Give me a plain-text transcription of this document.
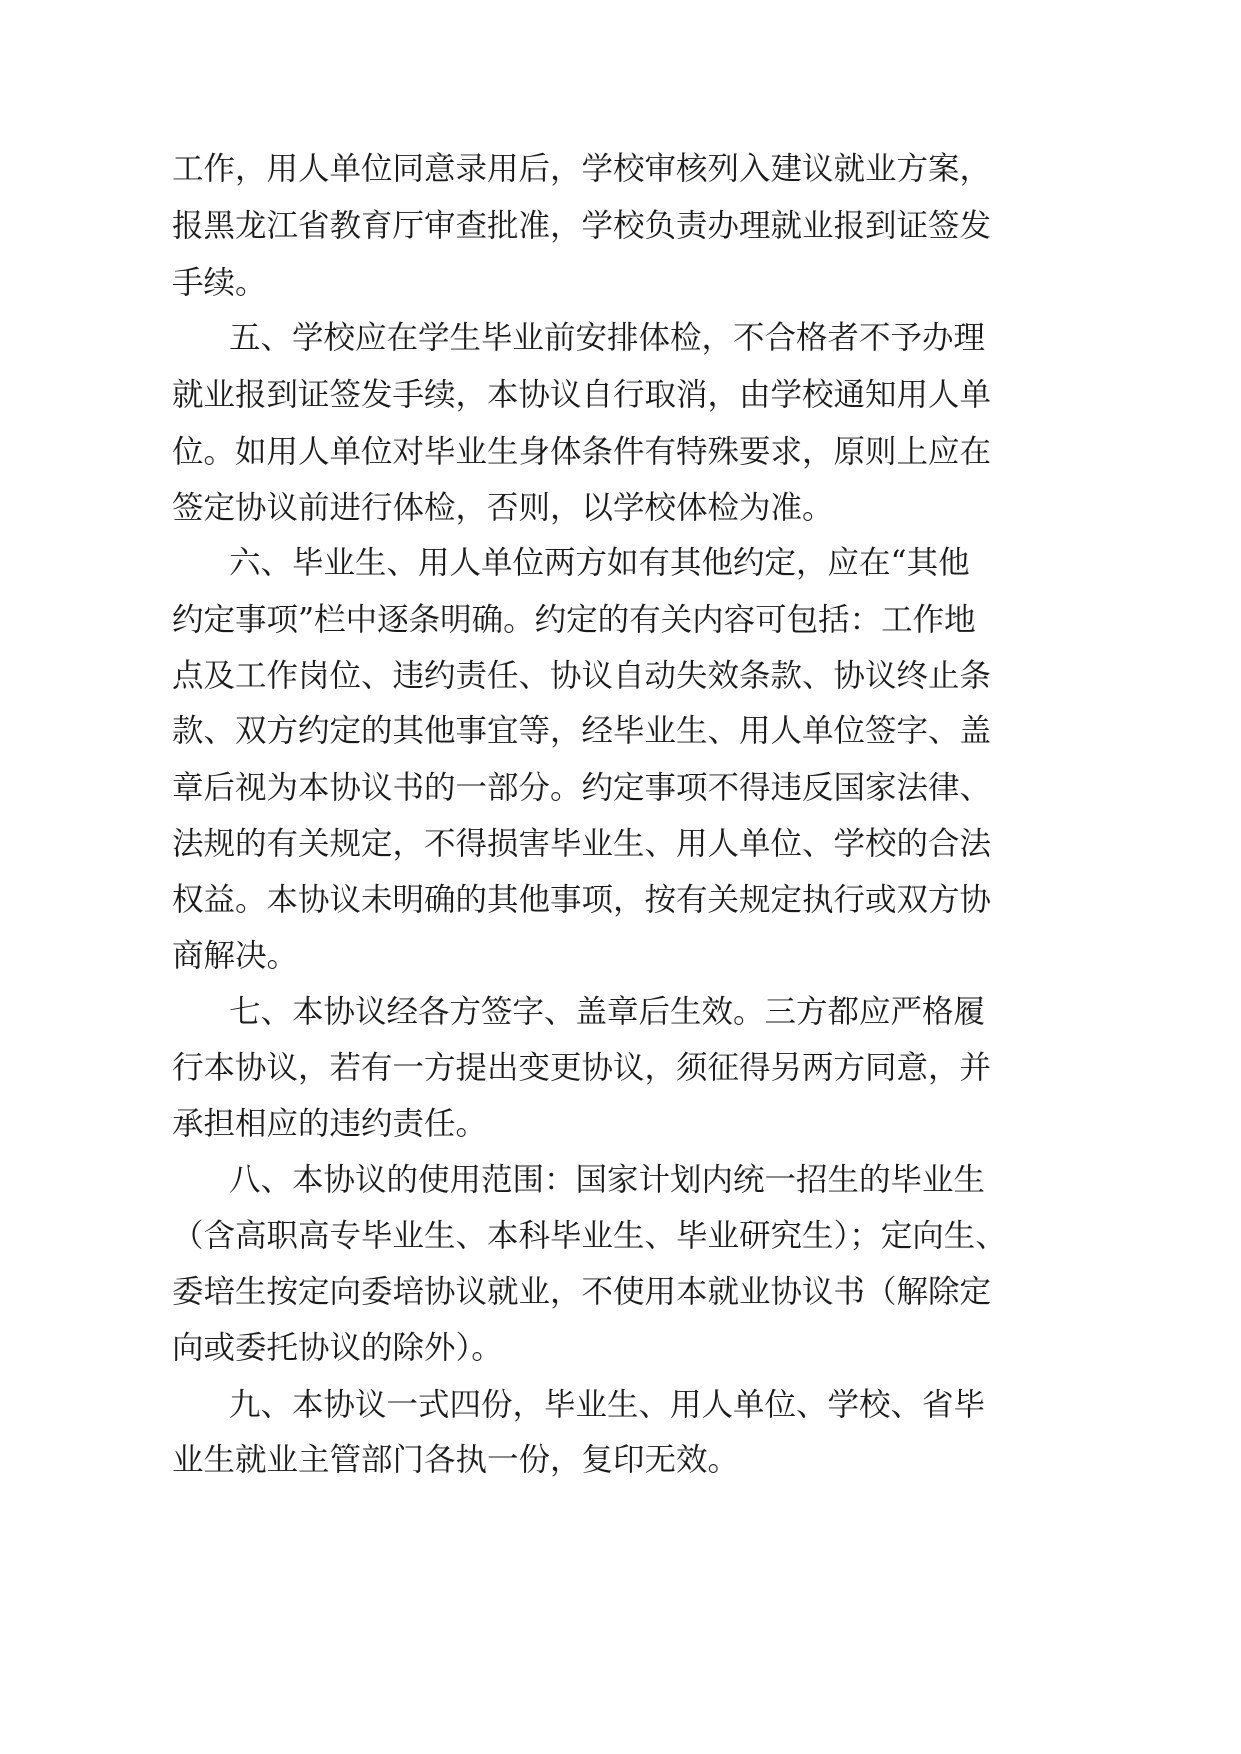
工作，用人单位同意录用后，学校审核列入建议就业方案，
报黑龙江省教育厅审查批准，学校负责办理就业报到证签发
手续。
五、学校应在学生毕业前安排体检，不合格者不予办理
就业报到证签发手续，本协议自行取消，由学校通知用人单
位。如用人单位对毕业生身体条件有特殊要求，原则上应在
签定协议前进行体检，否则，以学校体检为准。
六、毕业生、用人单位两方如有其他约定，应在“其他
约定事项”栏中逐条明确。约定的有关内容可包括：工作地
点及工作岗位、违约责任、协议自动失效条款、协议终止条
款、双方约定的其他事宜等，经毕业生、用人单位签字、盖
章后视为本协议书的一部分。约定事项不得违反国家法律、
法规的有关规定，不得损害毕业生、用人单位、学校的合法
权益。本协议未明确的其他事项，按有关规定执行或双方协
商解决。
七、本协议经各方签字、盖章后生效。三方都应严格履
行本协议，若有一方提出变更协议，须征得另两方同意，并
承担相应的违约责任。
八、本协议的使用范围：国家计划内统一招生的毕业生
（含高职高专毕业生、本科毕业生、毕业研究生）；定向生、
委培生按定向委培协议就业，不使用本就业协议书（解除定
向或委托协议的除外）。
九、本协议一式四份，毕业生、用人单位、学校、省毕
业生就业主管部门各执一份，复印无效。
